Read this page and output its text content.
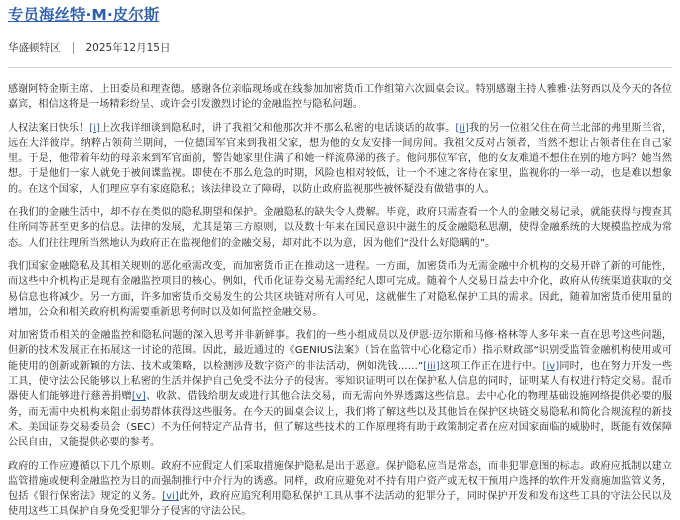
专员海丝特·M·皮尔斯
华盛顿特区 2025年12月15日

感谢阿特金斯主席、上田委员和理查德。感谢各位亲临现场或在线参加加密货币工作组第六次圆桌会议。特别感谢主持人雅雅·法努西以及今天的各位嘉宾，相信这将是一场精彩纷呈、或许会引发激烈讨论的金融监控与隐私问题。

人权法案日快乐！[i]上次我详细谈到隐私时，讲了我祖父和他那次并不那么私密的电话谈话的故事。[ii]我的另一位祖父住在荷兰北部的弗里斯兰省，远在大洋彼岸。纳粹占领荷兰期间，一位德国军官来到我祖父家，想为他的女友安排一间房间。我祖父反对占领者，当然不想让占领者住在自己家里。于是，他带着年幼的母亲来到军官面前，警告她家里住满了和她一样流鼻涕的孩子。他问那位军官，他的女友难道不想住在别的地方吗？她当然想。于是他们一家人就免于被间谍监视。即使在不那么危急的时期，风险也相对较低，让一个不速之客待在家里，监视你的一举一动，也是难以想象的。在这个国家，人们理应享有家庭隐私；该法律设立了障碍，以防止政府监视那些被怀疑没有做错事的人。

在我们的金融生活中，却不存在类似的隐私期望和保护。金融隐私的缺失令人费解。毕竟，政府只需查看一个人的金融交易记录，就能获得与搜查其住所同等甚至更多的信息。法律的发展，尤其是第三方原则，以及数十年来在国民意识中滋生的反金融隐私思潮，使得金融系统的大规模监控成为常态。人们往往理所当然地认为政府正在监视他们的金融交易，却对此不以为意，因为他们“没什么好隐瞒的”。

我们国家金融隐私及其相关规则的恶化亟需改变，而加密货币正在推动这一进程。一方面，加密货币为无需金融中介机构的交易开辟了新的可能性，而这些中介机构正是现有金融监控项目的核心。例如，代币化证券交易无需经纪人即可完成。随着个人交易日益去中介化，政府从传统渠道获取的交易信息也将减少。另一方面，许多加密货币交易发生的公共区块链对所有人可见，这就催生了对隐私保护工具的需求。因此，随着加密货币使用量的增加，公众和相关政府机构需要重新思考何时以及如何监控金融交易。

对加密货币相关的金融监控和隐私问题的深入思考并非新鲜事。我们的一些小组成员以及伊恩·迈尔斯和马修·格林等人多年来一直在思考这些问题，但新的技术发展正在拓展这一讨论的范围。因此，最近通过的《GENIUS法案》（旨在监管中心化稳定币）指示财政部“识别受监管金融机构使用或可能使用的创新或新颖的方法、技术或策略，以检测涉及数字资产的非法活动，例如洗钱……”[iii]这项工作正在进行中。[iv]同时，也在努力开发一些工具，使守法公民能够以上私密的生活并保护自己免受不法分子的侵害。零知识证明可以在保护私人信息的同时，证明某人有权进行特定交易。混币器使人们能够进行慈善捐赠[v]、收款、借钱给朋友或进行其他合法交易，而无需向外界透露这些信息。去中心化的物理基础设施网络提供必要的服务，而无需中央机构来阻止弱势群体获得这些服务。在今天的圆桌会议上，我们将了解这些以及其他旨在保护区块链交易隐私和简化合规流程的新技术。美国证券交易委员会（SEC）不为任何特定产品背书，但了解这些技术的工作原理将有助于政策制定者在应对国家面临的威胁时，既能有效保障公民自由，又能提供必要的参考。

政府的工作应遵循以下几个原则。政府不应假定人们采取措施保护隐私是出于恶意。保护隐私应当是常态，而非犯罪意图的标志。政府应抵制以建立监管措施或便利金融监控为目的而强制推行中介行为的诱惑。同样，政府应避免对不持有用户资产或无权干预用户选择的软件开发商施加监管义务，包括《银行保密法》规定的义务。[vi]此外，政府应追究利用隐私保护工具从事不法活动的犯罪分子，同时保护开发和发布这些工具的守法公民以及使用这些工具保护自身免受犯罪分子侵害的守法公民。
